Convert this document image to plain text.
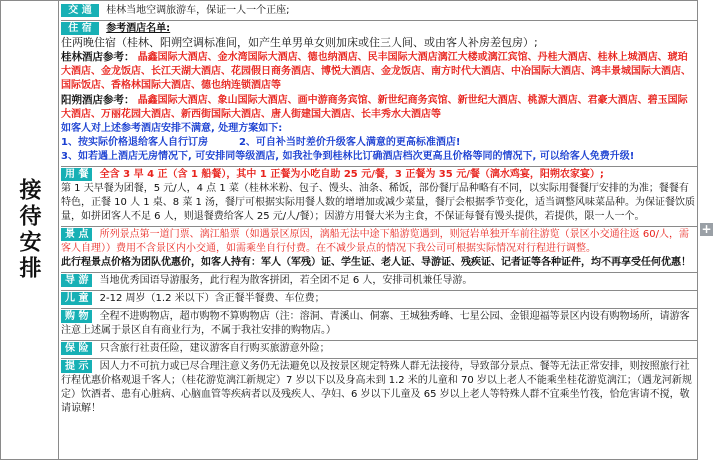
接待安排
交 通 桂林当地空调旅游车，保证一人一个正座;
住 宿 参考酒店名单:
住两晚住宿（桂林、阳朔空调标准间，如产生单男单女则加床或住三人间、或由客人补房差包房）;
桂林酒店参考： 晶鑫国际大酒店、金水湾国际大酒店、德也纳酒店、民丰国际大酒店漓江大楼或漓江宾馆、丹桂大酒店、桂林上城酒店、琥珀大酒店、金龙饭店、长江天湖大酒店、花园假日商务酒店、博悦大酒店、金龙饭店、南方时代大酒店、中冶国际大酒店、鸿丰景城国际大酒店、国际饭店、香格林国际大酒店、德也纳连锁酒店等
阳朔酒店参考： 晶鑫国际大酒店、象山国际大酒店、画中游商务宾馆、新世纪商务宾馆、新世纪大酒店、桃源大酒店、君豪大酒店、碧玉国际大酒店、万丽花园大酒店、新西街国际大酒店、唐人街建国大酒店、长丰秀水大酒店等
如客人对上述参考酒店安排不满意, 处理方案如下:
1、按实际价格退给客人自行订房	2、可自补当时差价升级客人满意的更高标准酒店!
3、如若遇上酒店无房情况下, 可安排同等级酒店, 如我社争到桂林比订确酒店档次更高且价格等同的情况下, 可以给客人免费升级!
用 餐 全含 3 早 4 正（含 1 船餐），其中 1 正餐为小吃自助 25 元/餐，3 正餐为 35 元/餐（漓水鸡宴，阳朔农家宴）;
第 1 天早餐为团餐，5 元/人，4 点 1 菜（桂林米粉、包子、馒头、油条、稀饭，部份餐厅品种略有不同，以实际用餐餐厅安排的为准；餐餐有特色，正餐 10 人 1 桌、8 菜 1 汤，餐厅可根据实际用餐人数的增增加或减少菜量，餐厅会根据季节变化，适当调整风味菜品种。为保证餐饮质量，如拼团客人不足 6 人，则退餐费给客人 25 元/人/餐）；因游方用餐大米为主食，不保证每餐有馒头提供，若提供，限一人一个。
景 点 所列景点第一道门票、漓江船票（如遇景区原因，漓船无法中途下船游览遇到，则冠岩单独开车前往游览（景区小交通往返 60/人，需客人自理））费用不含景区内小交通，如需乘坐自行付费。在不减少景点的情况下我公司可根据实际情况对行程进行调整。
此行程景点价格为团队优惠价，如客人持有：军人（军残）证、学生证、老人证、导游证、残疾证、记者证等各种证件，均不再享受任何优惠！
导 游 当地优秀国语导游服务，此行程为散客拼团，若全团不足 6 人，安排司机兼任导游。
儿 童 2-12 周岁（1.2 米以下）含正餐半餐费、车位费；
购 物 全程不进购物店，超市购物不算购物店（注：溶洞、青溪山、侗寨、王城独秀峰、七星公园、金银迎福等景区内设有购物场所，请游客注意上述属于景区自有商业行为，不属于我社安排的购物店。）
保 险 只含旅行社责任险，建议游客自行购买旅游意外险；
提 示 因人力不可抗力或已尽合理注意义务仍无法避免以及按景区规定特殊人群无法接待，导致部分景点、餐等无法正常安排，则按照旅行社行程优惠价格观退千客人；（桂花游览漓江新规定）7 岁以下以及身高未到 1.2 米的儿童和 70 岁以上老人不能乘坐桂花游览漓江；（遇龙河新规定）饮酒者、患有心脏病、心脑血管等疾病者以及残疾人、孕妇、6 岁以下儿童及 65 岁以上老人等特殊人群不宜乘坐竹筏，恰危害请不搅，敬请谅解！
+
